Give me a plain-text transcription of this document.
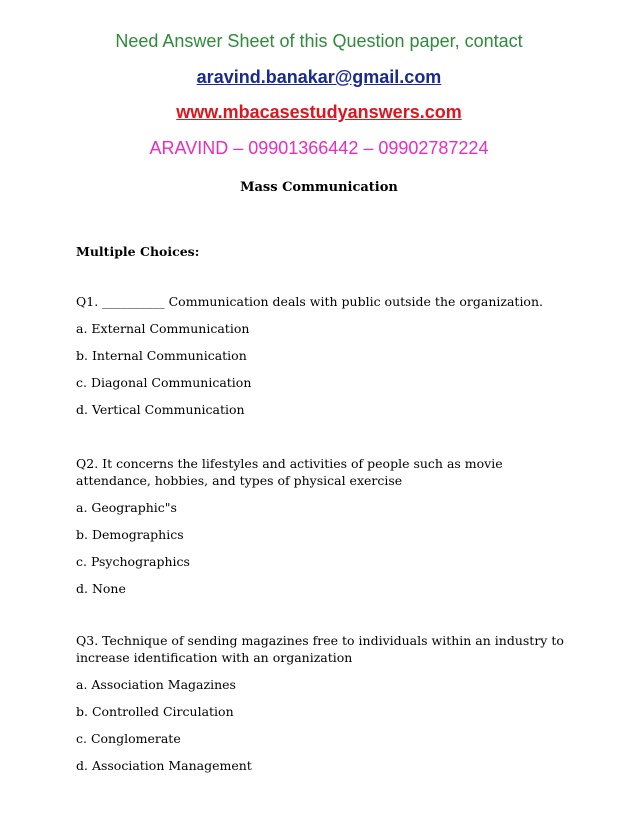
Need Answer Sheet of this Question paper, contact
aravind.banakar@gmail.com
www.mbacasestudyanswers.com
ARAVIND – 09901366442 – 09902787224
Mass Communication
Multiple Choices:
Q1. __________ Communication deals with public outside the organization.
a. External Communication
b. Internal Communication
c. Diagonal Communication
d. Vertical Communication
Q2. It concerns the lifestyles and activities of people such as movie attendance, hobbies, and types of physical exercise
a. Geographic"s
b. Demographics
c. Psychographics
d. None
Q3. Technique of sending magazines free to individuals within an industry to increase identification with an organization
a. Association Magazines
b. Controlled Circulation
c. Conglomerate
d. Association Management
